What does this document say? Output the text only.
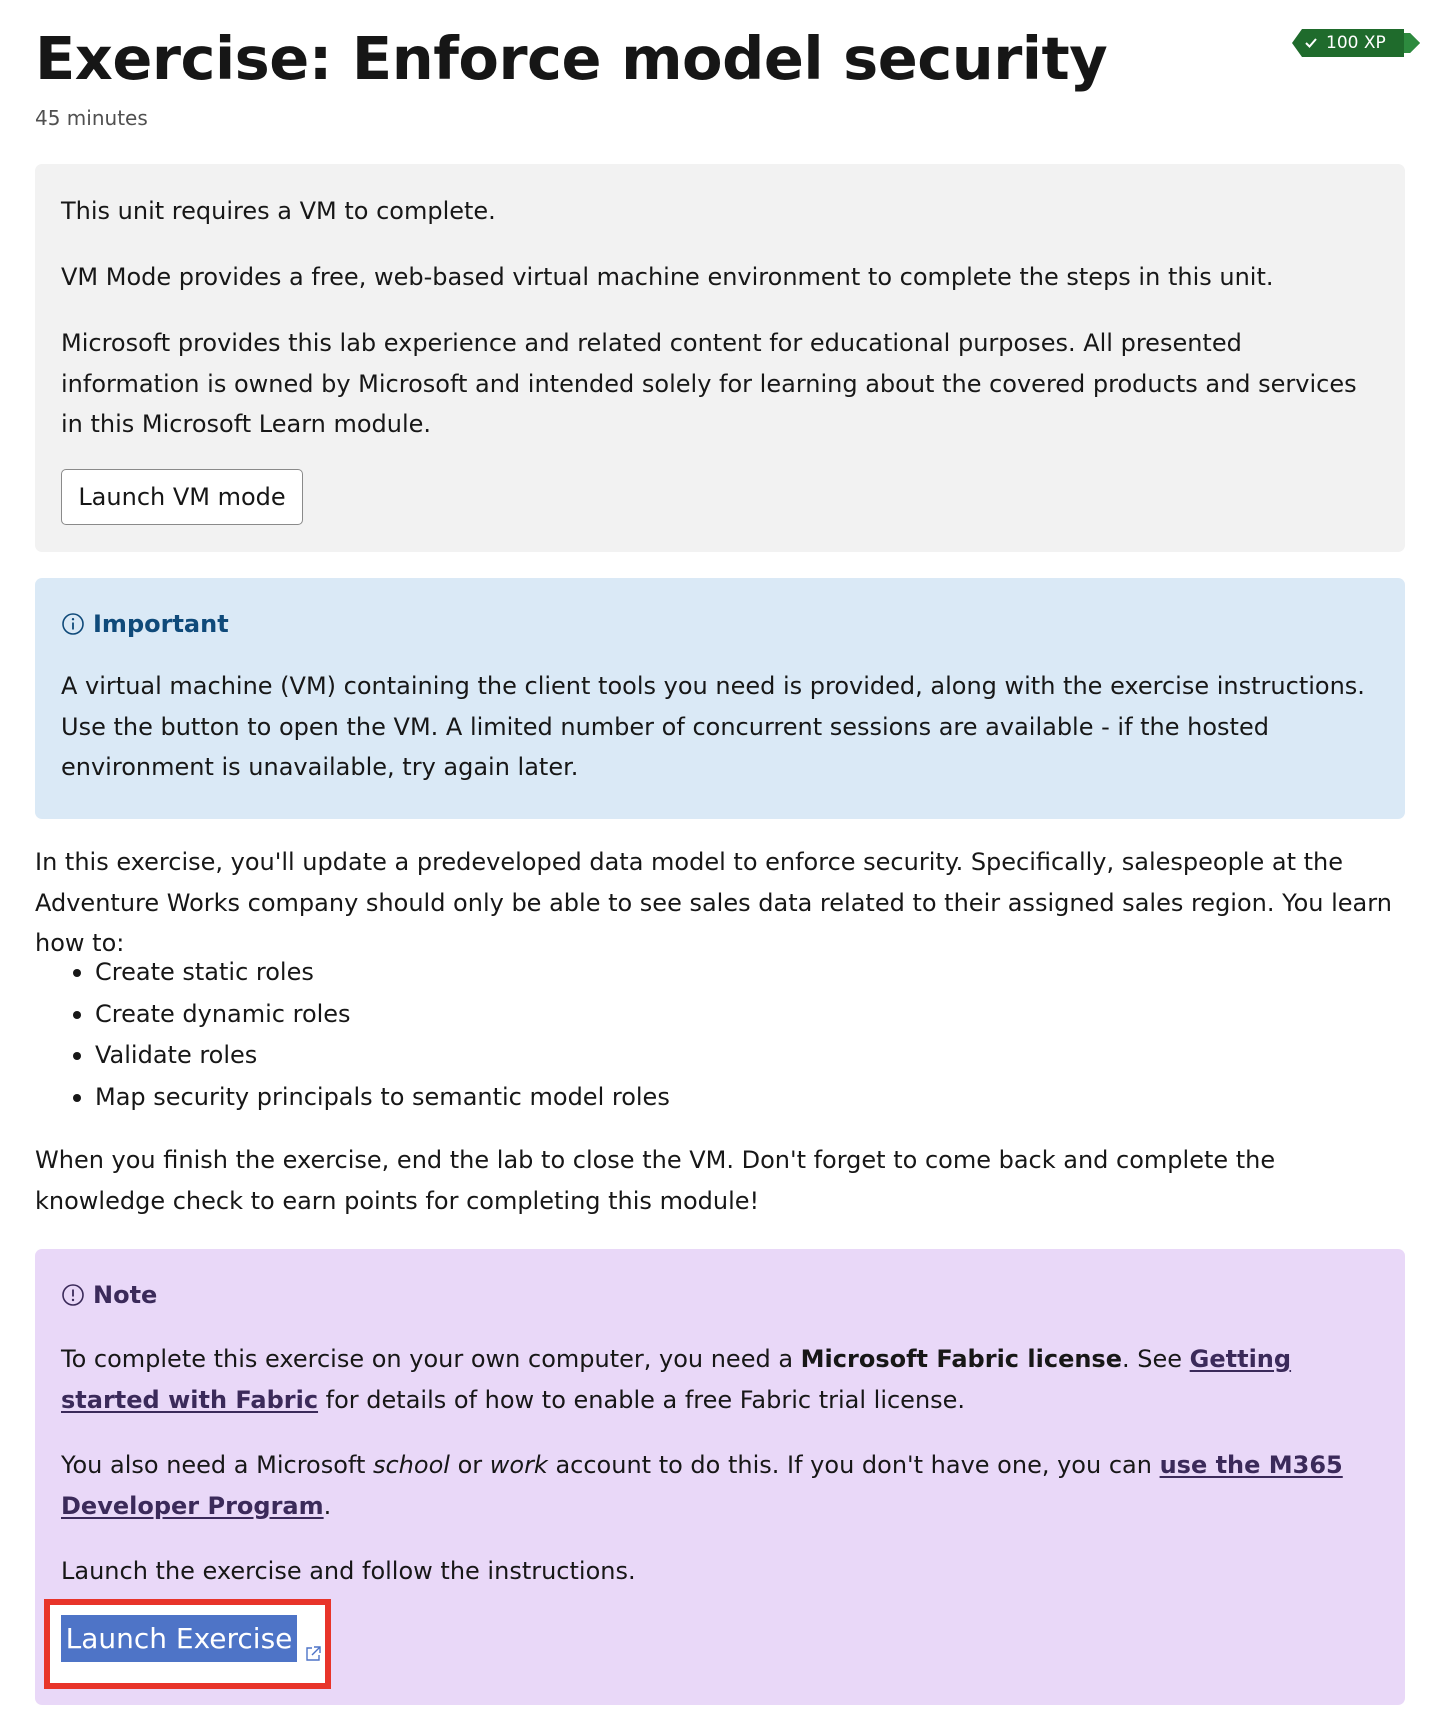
Exercise: Enforce model security
45 minutes
100 XP

This unit requires a VM to complete.

VM Mode provides a free, web-based virtual machine environment to complete the steps in this unit.

Microsoft provides this lab experience and related content for educational purposes. All presented information is owned by Microsoft and intended solely for learning about the covered products and services in this Microsoft Learn module.

Launch VM mode
Important

A virtual machine (VM) containing the client tools you need is provided, along with the exercise instructions. Use the button to open the VM. A limited number of concurrent sessions are available - if the hosted environment is unavailable, try again later.

In this exercise, you'll update a predeveloped data model to enforce security. Specifically, salespeople at the Adventure Works company should only be able to see sales data related to their assigned sales region. You learn how to:

Create static roles
Create dynamic roles
Validate roles
Map security principals to semantic model roles

When you finish the exercise, end the lab to close the VM. Don't forget to come back and complete the knowledge check to earn points for completing this module!

Note

To complete this exercise on your own computer, you need a Microsoft Fabric license. See Getting started with Fabric for details of how to enable a free Fabric trial license.

You also need a Microsoft school or work account to do this. If you don't have one, you can use the M365 Developer Program.

Launch the exercise and follow the instructions.

Launch Exercise
